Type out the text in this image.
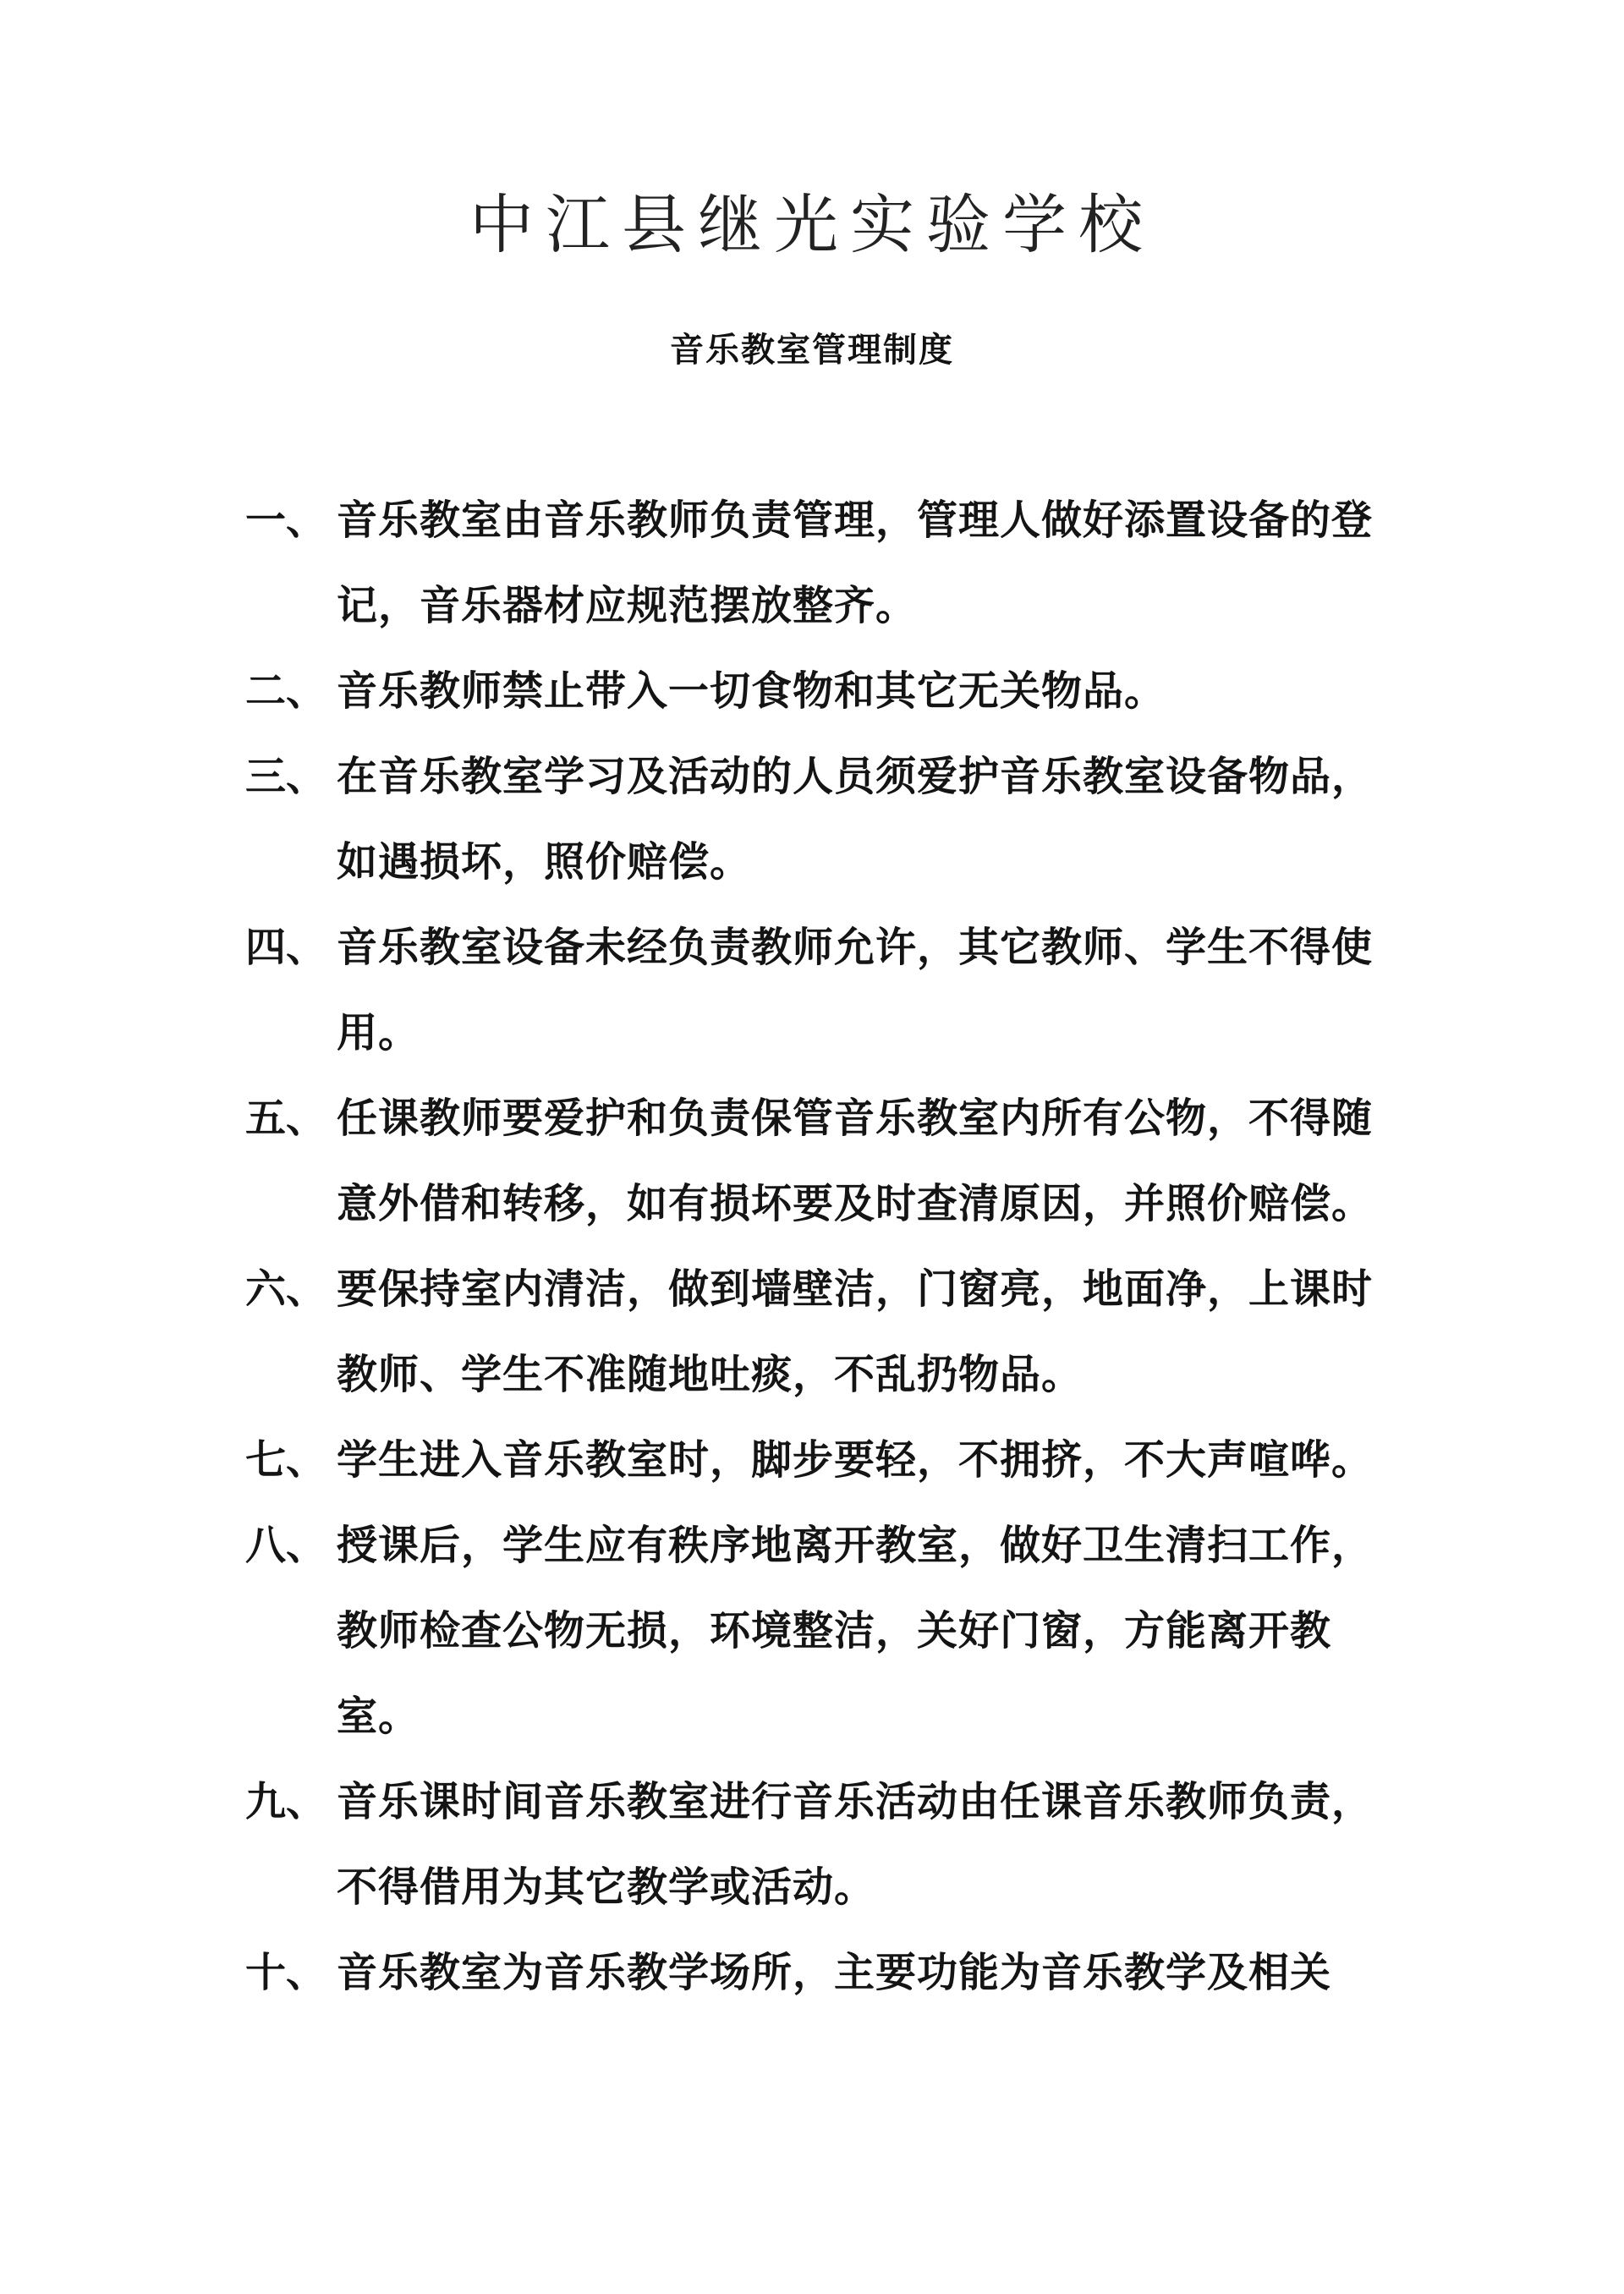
中江县继光实验学校
音乐教室管理制度
一、 音乐教室由音乐教师负责管理，管理人做好添置设备的登记，音乐器材应规范摆放整齐。
二、 音乐教师禁止带入一切食物和其它无关物品。
三、 在音乐教室学习及活动的人员须爱护音乐教室设备物品，如遇损坏，照价赔偿。
四、 音乐教室设备未经负责教师允许，其它教师、学生不得使用。
五、 任课教师要爱护和负责保管音乐教室内所有公物，不得随意外借和转移，如有损坏要及时查清原因，并照价赔偿。
六、 要保持室内清洁，做到墙壁洁，门窗亮，地面净，上课时教师、学生不准随地吐痰，不乱扔物品。
七、 学生进入音乐教室时，脚步要轻，不拥挤，不大声喧哗。
八、 授课后，学生应有秩序地离开教室，做好卫生清扫工作，教师检查公物无损，环境整洁，关好门窗，方能离开教室。
九、 音乐课时间音乐教室进行音乐活动由任课音乐教师负责，不得借用为其它教学或活动。
十、 音乐教室为音乐教学场所，主要功能为音乐教学及相关
